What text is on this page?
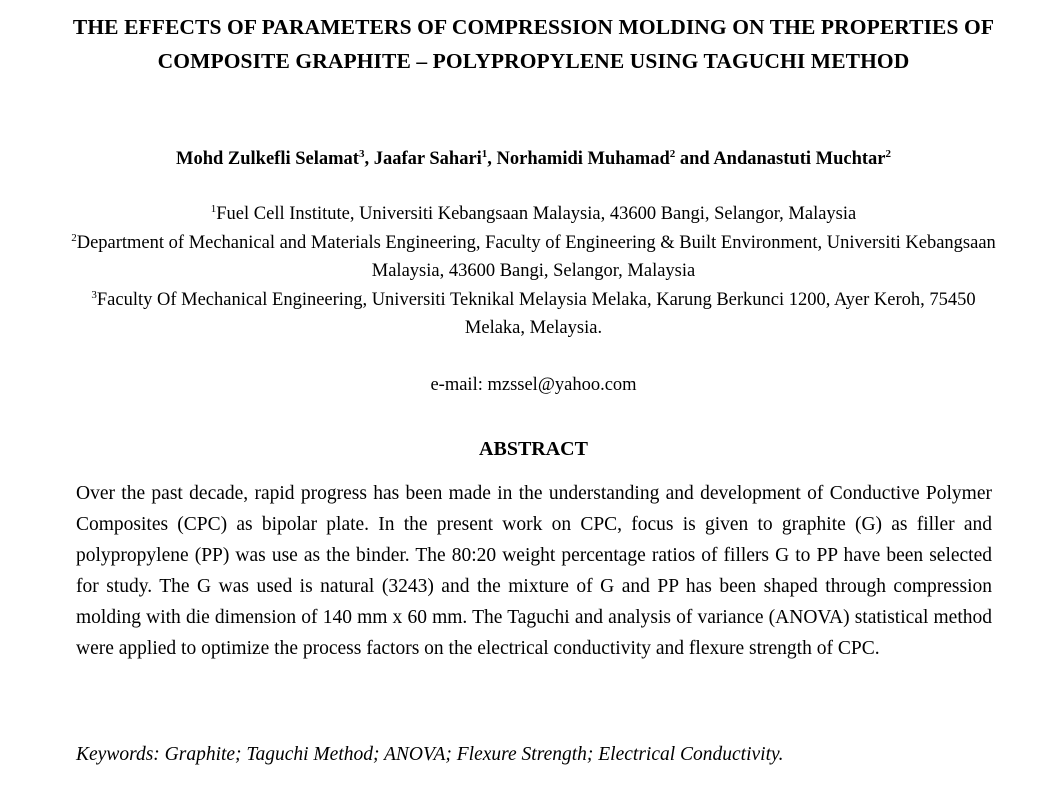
THE EFFECTS OF PARAMETERS OF COMPRESSION MOLDING ON THE PROPERTIES OF COMPOSITE GRAPHITE – POLYPROPYLENE USING TAGUCHI METHOD
Mohd Zulkefli Selamat$^3$, Jaafar Sahari$^1$, Norhamidi Muhamad$^2$ and Andanastuti Muchtar$^2$
$^1$Fuel Cell Institute, Universiti Kebangsaan Malaysia, 43600 Bangi, Selangor, Malaysia
$^2$Department of Mechanical and Materials Engineering, Faculty of Engineering & Built Environment, Universiti Kebangsaan Malaysia, 43600 Bangi, Selangor, Malaysia
$^3$Faculty Of Mechanical Engineering, Universiti Teknikal Melaysia Melaka, Karung Berkunci 1200, Ayer Keroh, 75450 Melaka, Melaysia.
e-mail: mzssel@yahoo.com
ABSTRACT
Over the past decade, rapid progress has been made in the understanding and development of Conductive Polymer Composites (CPC) as bipolar plate. In the present work on CPC, focus is given to graphite (G) as filler and polypropylene (PP) was use as the binder. The 80:20 weight percentage ratios of fillers G to PP have been selected for study. The G was used is natural (3243) and the mixture of G and PP has been shaped through compression molding with die dimension of 140 mm x 60 mm. The Taguchi and analysis of variance (ANOVA) statistical method were applied to optimize the process factors on the electrical conductivity and flexure strength of CPC.
Keywords: Graphite; Taguchi Method; ANOVA; Flexure Strength; Electrical Conductivity.
